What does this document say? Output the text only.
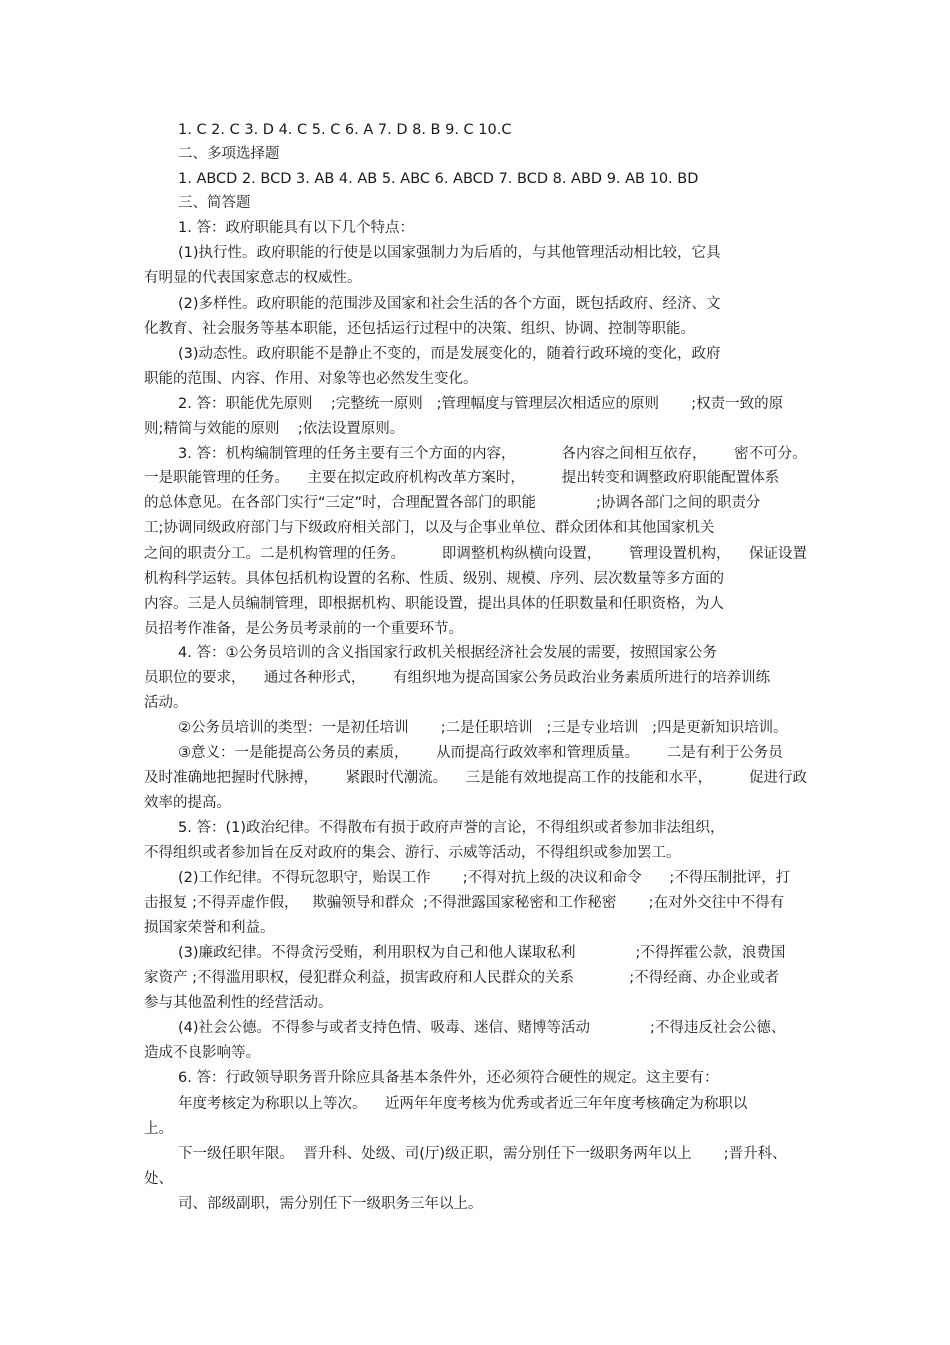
1. C 2. C 3. D 4. C 5. C 6. A 7. D 8. B 9. C 10.C
二、多项选择题
1. ABCD 2. BCD 3. AB 4. AB 5. ABC 6. ABCD 7. BCD 8. ABD 9. AB 10. BD
三、简答题
1. 答：政府职能具有以下几个特点：
(1)执行性。政府职能的行使是以国家强制力为后盾的，与其他管理活动相比较，它具
有明显的代表国家意志的权威性。
(2)多样性。政府职能的范围涉及国家和社会生活的各个方面，既包括政府、经济、文
化教育、社会服务等基本职能，还包括运行过程中的决策、组织、协调、控制等职能。
(3)动态性。政府职能不是静止不变的，而是发展变化的，随着行政环境的变化，政府
职能的范围、内容、作用、对象等也必然发生变化。
2. 答：职能优先原则    ;完整统一原则   ;管理幅度与管理层次相适应的原则       ;权责一致的原
则;精简与效能的原则    ;依法设置原则。
3. 答：机构编制管理的任务主要有三个方面的内容，          各内容之间相互依存，      密不可分。
一是职能管理的任务。    主要在拟定政府机构改革方案时，        提出转变和调整政府职能配置体系
的总体意见。在各部门实行“三定”时，合理配置各部门的职能             ;协调各部门之间的职责分
工;协调同级政府部门与下级政府相关部门，以及与企事业单位、群众团体和其他国家机关
之间的职责分工。二是机构管理的任务。        即调整机构纵横向设置，      管理设置机构，    保证设置
机构科学运转。具体包括机构设置的名称、性质、级别、规模、序列、层次数量等多方面的
内容。三是人员编制管理，即根据机构、职能设置，提出具体的任职数量和任职资格，为人
员招考作准备，是公务员考录前的一个重要环节。
4. 答：①公务员培训的含义指国家行政机关根据经济社会发展的需要，按照国家公务
员职位的要求，    通过各种形式，      有组织地为提高国家公务员政治业务素质所进行的培养训练
活动。
②公务员培训的类型：一是初任培训       ;二是任职培训   ;三是专业培训   ;四是更新知识培训。
③意义：一是能提高公务员的素质，      从而提高行政效率和管理质量。      二是有利于公务员
及时准确地把握时代脉搏，      紧跟时代潮流。    三是能有效地提高工作的技能和水平，        促进行政
效率的提高。
5. 答：(1)政治纪律。不得散布有损于政府声誉的言论，不得组织或者参加非法组织，
不得组织或者参加旨在反对政府的集会、游行、示威等活动，不得组织或参加罢工。
(2)工作纪律。不得玩忽职守，贻误工作       ;不得对抗上级的决议和命令      ;不得压制批评，打
击报复 ;不得弄虚作假，   欺骗领导和群众  ;不得泄露国家秘密和工作秘密       ;在对外交往中不得有
损国家荣誉和利益。
(3)廉政纪律。不得贪污受贿，利用职权为自己和他人谋取私利             ;不得挥霍公款，浪费国
家资产 ;不得滥用职权，侵犯群众利益，损害政府和人民群众的关系            ;不得经商、办企业或者
参与其他盈利性的经营活动。
(4)社会公德。不得参与或者支持色情、吸毒、迷信、赌博等活动             ;不得违反社会公德、
造成不良影响等。
6. 答：行政领导职务晋升除应具备基本条件外，还必须符合硬性的规定。这主要有：
年度考核定为称职以上等次。    近两年年度考核为优秀或者近三年年度考核确定为称职以
上。
下一级任职年限。  晋升科、处级、司(厅)级正职，需分别任下一级职务两年以上       ;晋升科、
处、
司、部级副职，需分别任下一级职务三年以上。
